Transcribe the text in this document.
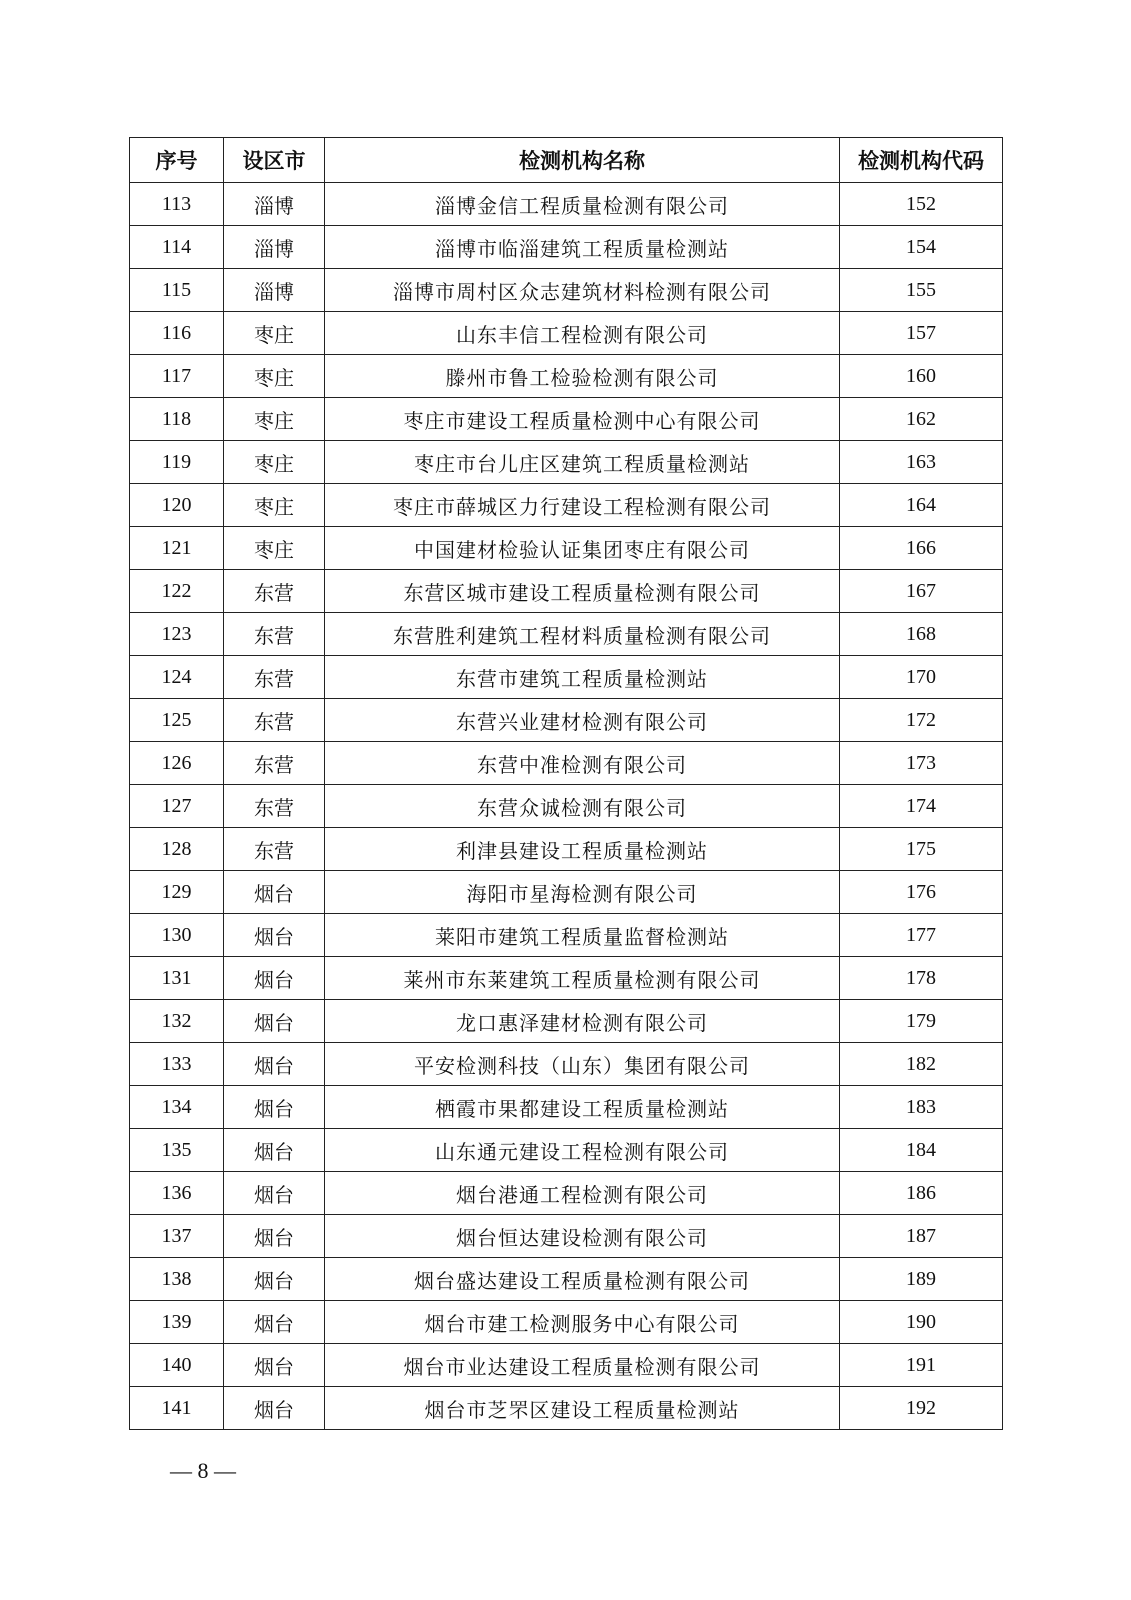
序号	设区市	检测机构名称	检测机构代码
113	淄博	淄博金信工程质量检测有限公司	152
114	淄博	淄博市临淄建筑工程质量检测站	154
115	淄博	淄博市周村区众志建筑材料检测有限公司	155
116	枣庄	山东丰信工程检测有限公司	157
117	枣庄	滕州市鲁工检验检测有限公司	160
118	枣庄	枣庄市建设工程质量检测中心有限公司	162
119	枣庄	枣庄市台儿庄区建筑工程质量检测站	163
120	枣庄	枣庄市薛城区力行建设工程检测有限公司	164
121	枣庄	中国建材检验认证集团枣庄有限公司	166
122	东营	东营区城市建设工程质量检测有限公司	167
123	东营	东营胜利建筑工程材料质量检测有限公司	168
124	东营	东营市建筑工程质量检测站	170
125	东营	东营兴业建材检测有限公司	172
126	东营	东营中准检测有限公司	173
127	东营	东营众诚检测有限公司	174
128	东营	利津县建设工程质量检测站	175
129	烟台	海阳市星海检测有限公司	176
130	烟台	莱阳市建筑工程质量监督检测站	177
131	烟台	莱州市东莱建筑工程质量检测有限公司	178
132	烟台	龙口惠泽建材检测有限公司	179
133	烟台	平安检测科技（山东）集团有限公司	182
134	烟台	栖霞市果都建设工程质量检测站	183
135	烟台	山东通元建设工程检测有限公司	184
136	烟台	烟台港通工程检测有限公司	186
137	烟台	烟台恒达建设检测有限公司	187
138	烟台	烟台盛达建设工程质量检测有限公司	189
139	烟台	烟台市建工检测服务中心有限公司	190
140	烟台	烟台市业达建设工程质量检测有限公司	191
141	烟台	烟台市芝罘区建设工程质量检测站	192
— 8 —
